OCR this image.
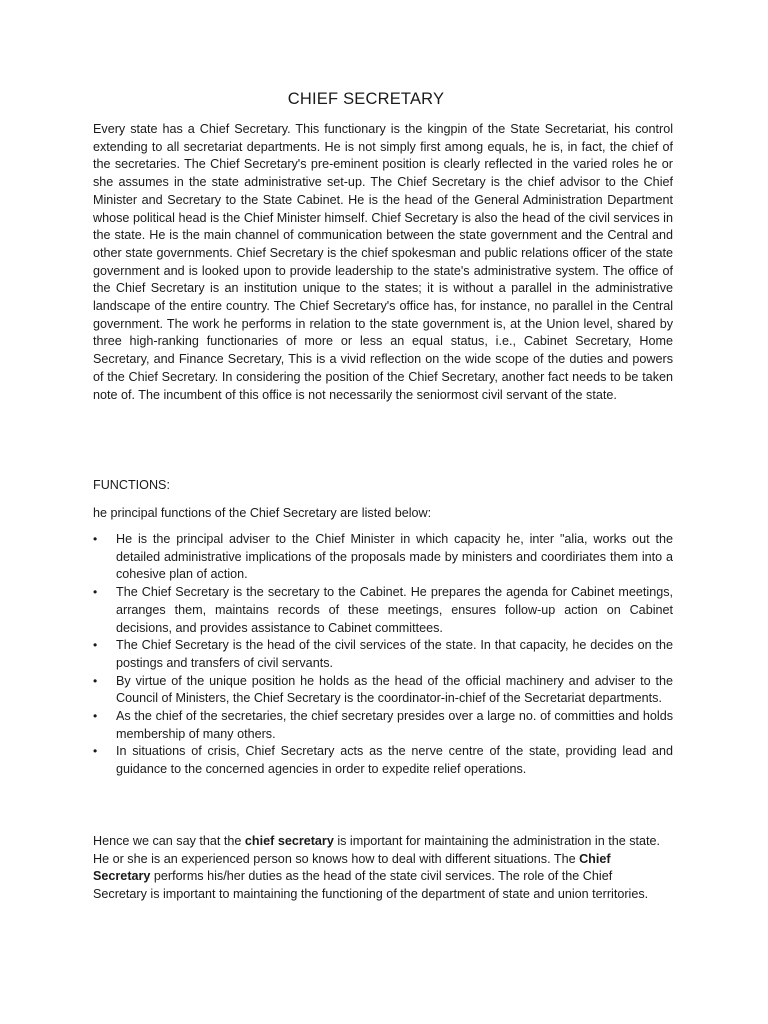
CHIEF SECRETARY

Every state has a Chief Secretary. This functionary is the kingpin of the State Secretariat, his control extending to all secretariat departments. He is not simply first among equals, he is, in fact, the chief of the secretaries. The Chief Secretary's pre-eminent position is clearly reflected in the varied roles he or she assumes in the state administrative set-up. The Chief Secretary is the chief advisor to the Chief Minister and Secretary to the State Cabinet. He is the head of the General Administration Department whose political head is the Chief Minister himself. Chief Secretary is also the head of the civil services in the state. He is the main channel of communication between the state government and the Central and other state governments. Chief Secretary is the chief spokesman and public relations officer of the state government and is looked upon to provide leadership to the state's administrative system. The office of the Chief Secretary is an institution unique to the states; it is without a parallel in the administrative landscape of the entire country. The Chief Secretary's office has, for instance, no parallel in the Central government. The work he performs in relation to the state government is, at the Union level, shared by three high-ranking functionaries of more or less an equal status, i.e., Cabinet Secretary, Home Secretary, and Finance Secretary, This is a vivid reflection on the wide scope of the duties and powers of the Chief Secretary. In considering the position of the Chief Secretary, another fact needs to be taken note of. The incumbent of this office is not necessarily the seniormost civil servant of the state.

FUNCTIONS:

he principal functions of the Chief Secretary are listed below:

• He is the principal adviser to the Chief Minister in which capacity he, inter "alia, works out the detailed administrative implications of the proposals made by ministers and coordiriates them into a cohesive plan of action.
• The Chief Secretary is the secretary to the Cabinet. He prepares the agenda for Cabinet meetings, arranges them, maintains records of these meetings, ensures follow-up action on Cabinet decisions, and provides assistance to Cabinet committees.
• The Chief Secretary is the head of the civil services of the state. In that capacity, he decides on the postings and transfers of civil servants.
• By virtue of the unique position he holds as the head of the official machinery and adviser to the Council of Ministers, the Chief Secretary is the coordinator-in-chief of the Secretariat departments.
• As the chief of the secretaries, the chief secretary presides over a large no. of committies and holds membership of many others.
• In situations of crisis, Chief Secretary acts as the nerve centre of the state, providing lead and guidance to the concerned agencies in order to expedite relief operations.

Hence we can say that the chief secretary is important for maintaining the administration in the state. He or she is an experienced person so knows how to deal with different situations. The Chief Secretary performs his/her duties as the head of the state civil services. The role of the Chief Secretary is important to maintaining the functioning of the department of state and union territories.
